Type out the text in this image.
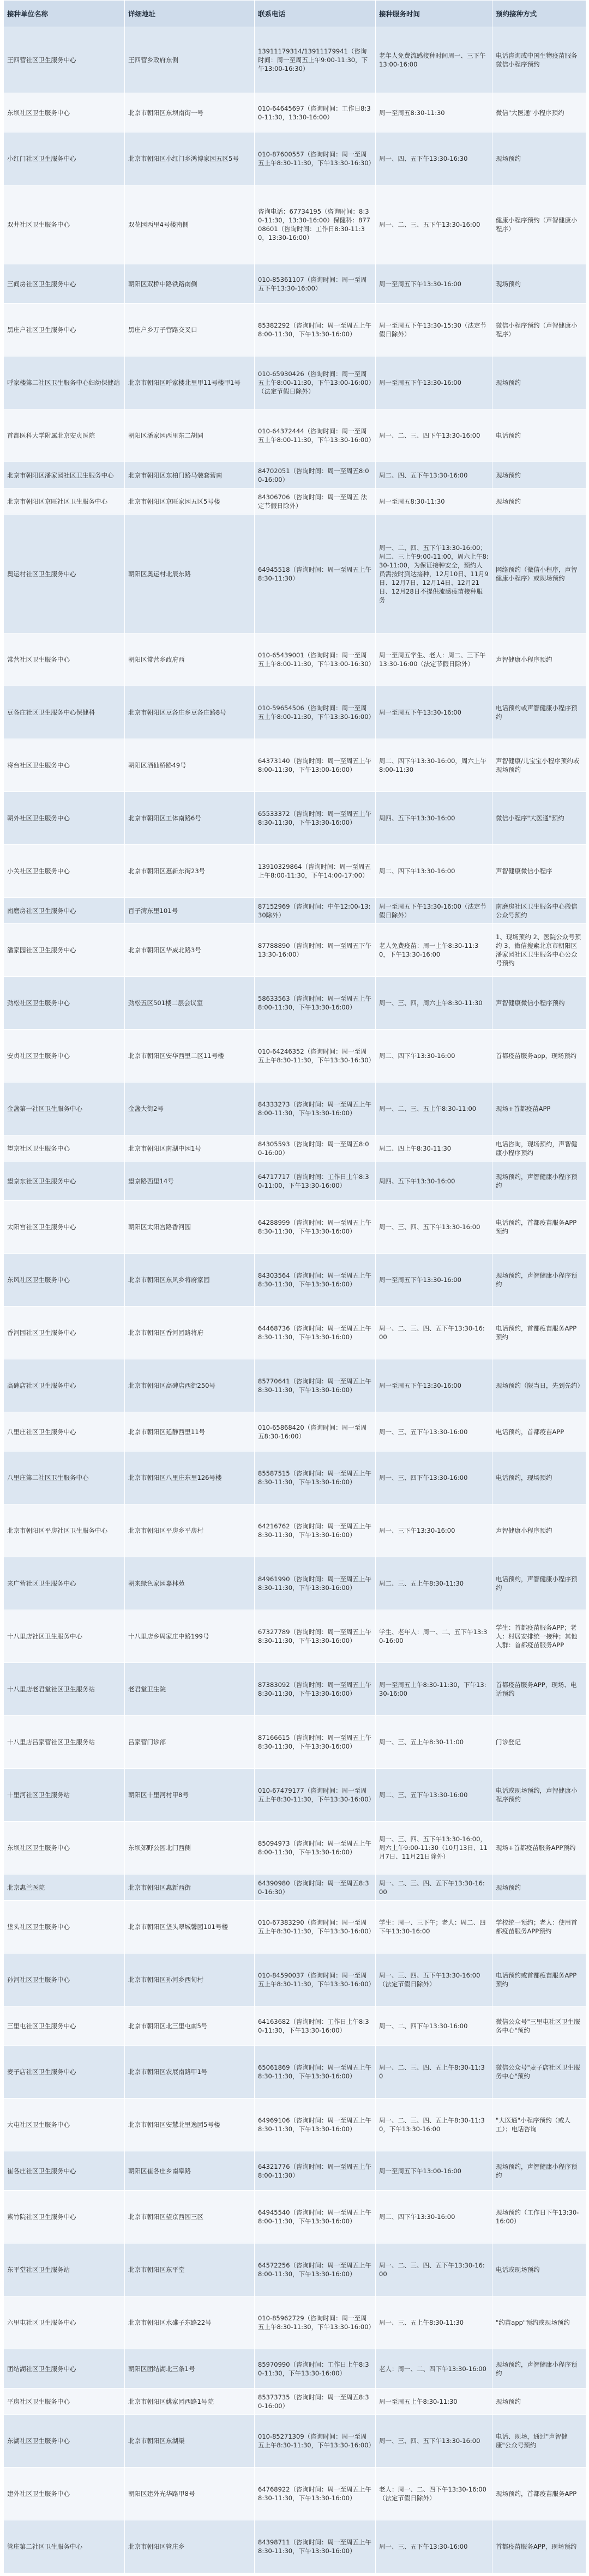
接种单位名称	详细地址	联系电话	接种服务时间	预约接种方式
王四营社区卫生服务中心	王四营乡政府东侧	13911179314/13911179941（咨询时间：周一至周五上午9:00-11:30，下午13:00-16:30）	老年人免费流感接种时间周一、三下午13:00-16:00	电话咨询或中国生物疫苗服务微信小程序预约
东坝社区卫生服务中心	北京市朝阳区东坝南街一号	010-64645697（咨询时间：工作日8:30-11:30，13:30-16:00）	周一至周五8:30-11:30	微信"大医通"小程序预约
小红门社区卫生服务中心	北京市朝阳区小红门乡鸿博家园五区5号	010-87600557（咨询时间：周一至周五上午8:30-11:30，下午13:30-16:30）	周一、四、五下午13:30-16:30	现场预约
双井社区卫生服务中心	双花园西里4号楼南侧	咨询电话：67734195（咨询时间：8:30-11:30，13:30-16:00）保健科：87708601（咨询时间：工作日8:30-11:30，13:30-16:00）	周一、二、三、五下午13:30-16:00	健康小程序预约（声智健康小程序）
三间房社区卫生服务中心	朝阳区双桥中路铁路南侧	010-85361107（咨询时间：周一至周五下午13:30-16:00）	周一至周五下午13:30-16:00	现场预约
黑庄户社区卫生服务中心	黑庄户乡万子营路交叉口	85382292（咨询时间：周一至周五上午8:00-11:30，下午13:30-16:00）	周一至周五下午13:30-15:30（法定节假日除外）	微信小程序预约（声智健康小程序）
呼家楼第二社区卫生服务中心妇幼保健站	北京市朝阳区呼家楼北里甲11号楼甲1号	010-65930426（咨询时间：周一至周五上午8:00-11:30，下午13:00-16:00）（法定节假日除外）	周一至周五下午13:30-16:00	现场预约
首都医科大学附属北京安贞医院	朝阳区潘家园西里东二胡同	010-64372444（咨询时间：周一至周五上午8:00-11:30，下午13:30-16:00）	周一、二、三、四下午13:30-16:00	电话预约
北京市朝阳区潘家园社区卫生服务中心	北京市朝阳区东柏门路马装套营南	84702051（咨询时间：周一至周五8:00-16:00）	周二、四、五下午13:30-16:00	现场预约
北京市朝阳区京旺社区卫生服务中心	北京市朝阳区京旺家园五区5号楼	84306706（咨询时间：周一至周五 法定节假日除外）	周一至周五8:30-11:30	现场预约
奥运村社区卫生服务中心	朝阳区奥运村北辰东路	64945518（咨询时间：周一至周五上午8:30-11:30）	周一、二、四、五下午13:30-16:00；周二、三上午9:00-11:00，周六上午8:30-11:00，为保证接种安全，预约人员需按时到达接种，12月10日、11月9日、12月7日、12月14日、12月21日、12月28日不提供流感疫苗接种服务	网络预约（微信小程序，声智健康小程序）或现场预约
常营社区卫生服务中心	朝阳区常营乡政府西	010-65439001（咨询时间：周一至周五上午8:00-11:30，下午13:00-16:30）	周一至周五学生、老人：周二、三下午13:30-16:00（法定节假日除外）	声智健康小程序预约
豆各庄社区卫生服务中心保健科	北京市朝阳区豆各庄乡豆各庄路8号	010-59654506（咨询时间：周一至周五上午8:00-11:30，下午13:30-16:00）	周一至周五下午13:30-16:00	电话预约或声智健康小程序预约
将台社区卫生服务中心	朝阳区酒仙桥路49号	64373140（咨询时间：周一至周五上午8:00-11:30，下午13:00-16:00）	周二、四下午13:30-16:00，周六上午8:00-11:30	声智健康/儿宝宝小程序预约或现场预约
朝外社区卫生服务中心	北京市朝阳区工体南路6号	65533372（咨询时间：周一至周五上午8:30-11:30，下午13:30-16:00）	周四、五下午13:30-16:00	微信小程序"大医通"预约
小关社区卫生服务中心	北京市朝阳区惠新东街23号	13910329864（咨询时间：周一至周五上午8:00-11:30，下午14:00-17:00）	周二、四下午13:30-16:00	声智健康微信小程序
南磨房社区卫生服务中心	百子湾东里101号	87152969（咨询时间：中午12:00-13:30除外）	周一至周五下午13:30-16:00（法定节假日除外）	南磨房社区卫生服务中心微信公众号预约
潘家园社区卫生服务中心	北京市朝阳区华威北路3号	87788890（咨询时间：周一至周五下午13:30-16:00）	老人免费疫苗：周一上午8:30-11:30，下午13:30-16:00	1、现场预约 2、医院公众号预约 3、微信搜索北京市朝阳区潘家园社区卫生服务中心公众号预约
劲松社区卫生服务中心	劲松五区501楼二层会议室	58633563（咨询时间：周一至周五上午8:00-11:30，下午13:30-16:00）	周一、三、四，周六上午8:30-11:30	声智健康微信小程序预约
安贞社区卫生服务中心	北京市朝阳区安华西里二区11号楼	010-64246352（咨询时间：周一至周五上午8:30-11:30，下午13:30-16:30）	周二、四下午13:30-16:00	首都疫苗服务app，现场预约
金盏第一社区卫生服务中心	金盏大街2号	84333273（咨询时间：周一至周五上午8:00-11:30，下午13:30-16:00）	周一、二、三、五上午8:30-11:00	现场+首都疫苗APP
望京社区卫生服务中心	北京市朝阳区南湖中园1号	84305593（咨询时间：周一至周五8:00-16:00）	周二、四上午8:30-11:30	电话咨询，现场预约，声智健康小程序预约
望京东社区卫生服务中心	望京路西里14号	64717717（咨询时间：工作日上午8:30-11:00，下午13:30-16:00）	周四、五下午13:30-16:00	现场预约，声智健康小程序预约
太阳宫社区卫生服务中心	朝阳区太阳宫路香河园	64288999（咨询时间：周一至周五上午8:30-11:30，下午13:30-16:00）	周一、三、四、五下午13:30-16:00	电话预约，首都疫苗服务APP预约
东风社区卫生服务中心	北京市朝阳区东风乡将府家园	84303564（咨询时间：周一至周五上午8:30-11:30，下午13:30-16:00）	周一至周五下午13:30-16:00	现场预约，声智健康小程序预约
香河园社区卫生服务中心	北京市朝阳区香河园路将府	64468736（咨询时间：周一至周五上午8:30-11:30，下午13:30-16:00）	周一、二、三、四、五下午13:30-16:00	电话预约，首都疫苗服务APP预约
高碑店社区卫生服务中心	北京市朝阳区高碑店西街250号	85770641（咨询时间：周一至周五上午8:30-11:30，下午13:30-16:00）	周一至周五下午13:30-16:00	现场预约（限当日，先到先约）
八里庄社区卫生服务中心	北京市朝阳区延静西里11号	010-65868420（咨询时间：周一至周五8:30-16:00）	周一、三、五下午13:30-16:00	电话预约，首都疫苗APP
八里庄第二社区卫生服务中心	北京市朝阳区八里庄东里126号楼	85587515（咨询时间：周一至周五上午8:30-11:30，下午13:30-16:00）	周一、三、四下午13:30-16:00	电话预约，现场预约
北京市朝阳区平房社区卫生服务中心	北京市朝阳区平房乡平房村	64216762（咨询时间：周一至周五上午8:30-11:30，下午13:30-16:00）	周一、三下午13:30-16:00	声智健康小程序预约
来广营社区卫生服务中心	朝来绿色家园嘉林苑	84961990（咨询时间：周一至周五上午8:30-11:30，下午13:30-16:00）	周二、三、五上午8:30-11:30	电话预约，声智健康小程序预约
十八里店社区卫生服务中心	十八里店乡周家庄中路199号	67327789（咨询时间：周一至周五上午8:30-11:30，下午13:30-16:00）	学生、老年人：周一、二、五下午13:30-16:00	学生：首都疫苗服务APP；老人：村居安排统一接种；其他人群：首都疫苗服务APP
十八里店老君堂社区卫生服务站	老君堂卫生院	87383092（咨询时间：周一至周五上午8:30-11:30，下午13:30-16:00）	周一至周五上午8:30-11:30，下午13:30-16:00	首都疫苗服务APP，现场、电话预约
十八里店吕家营社区卫生服务站	吕家营门诊部	87166615（咨询时间：周一至周五上午8:30-11:30，下午13:30-16:00）	周一、三、五上午8:30-11:00	门诊登记
十里河社区卫生服务站	朝阳区十里河村甲8号	010-67479177（咨询时间：周一至周五上午8:30-11:30，下午13:30-16:00）	周二、三、五下午13:30-16:00	电话或现场预约，声智健康小程序预约
东坝社区卫生服务中心	东坝郊野公园北门西侧	85094973（咨询时间：周一至周五上午8:00-11:30，下午13:30-16:00）	周一、三、四、五下午13:30-16:00，周六上午9:00-11:30（10月13日、11月7日、11月21日除外）	现场+首都疫苗服务APP预约
北京惠兰医院	北京市朝阳区惠新西街	64390980（咨询时间：周一至周五8:30-16:30）	周一、二、三、四、五下午13:30-16:00	现场预约
垡头社区卫生服务中心	北京市朝阳区垡头翠城馨园101号楼	010-67383290（咨询时间：周一至周五上午8:30-11:30，下午13:30-16:00）	学生：周一、三下午；老人：周二、四下午13:30-16:00	学校统一预约；老人：使用首都疫苗服务APP预约
孙河社区卫生服务中心	北京市朝阳区孙河乡西甸村	010-84590037（咨询时间：周一至周五上午8:30-11:30，下午13:30-16:00）	周一、三、四、五下午13:30-16:00（法定节假日除外）	电话预约或首都疫苗服务APP预约
三里屯社区卫生服务中心	北京市朝阳区北三里屯南5号	64163682（咨询时间：工作日上午8:30-11:30，下午13:30-16:00）	周一、二、四下午13:30-16:00	微信公众号"三里屯社区卫生服务中心"预约
麦子店社区卫生服务中心	北京市朝阳区农展南路甲1号	65061869（咨询时间：周一至周五上午8:30-11:30，下午13:30-16:00）	周一、二、三、四、五上午8:30-11:30	微信公众号"麦子店社区卫生服务中心"预约
大屯社区卫生服务中心	北京市朝阳区安慧北里逸园5号楼	64969106（咨询时间：周一至周五上午8:30-11:30，下午13:30-16:00）	周一、二、三、四、五上午8:30-11:30，下午13:30-16:00	"大医通"小程序预约（或人工）；电话咨询
崔各庄社区卫生服务中心	朝阳区崔各庄乡南皋路	64321776（咨询时间：周一至周五上午8:00-11:30）	周一至周五下午13:00-16:00	现场预约，声智健康小程序预约
紫竹院社区卫生服务中心	北京市朝阳区望京西园三区	64945540（咨询时间：周一至周五上午8:00-11:30，下午13:30-16:00）	周二、四下午13:30-16:00	现场预约（工作日下午13:30-16:00）
东平堂社区卫生服务站	北京市朝阳区东平堂	64572256（咨询时间：周一至周五上午8:00-11:30，下午13:30-16:00）	周一、二、三、四、五下午13:30-16:00	电话或现场预约
六里屯社区卫生服务中心	北京市朝阳区水碓子东路22号	010-85962729（咨询时间：周一至周五上午8:30-11:30，下午13:30-16:00）	周一、三、五上午8:30-11:30	"约苗app"预约或现场预约
团结湖社区卫生服务中心	朝阳区团结湖北三条1号	85970990（咨询时间：工作日上午8:30-11:30，下午13:30-16:00）	老人：周一、二、四下午13:30-16:00	现场预约，声智健康小程序预约
平房社区卫生服务中心	北京市朝阳区姚家园西路1号院	85373735（咨询时间：周一至周五8:30-16:00）	周一至周五上午8:30-11:30	现场预约
东湖社区卫生服务中心	北京市朝阳区东湖渠	010-85271309（咨询时间：周一至周五上午8:30-11:30，下午13:30-16:00）	周一、三、四、五下午13:30-16:00	电话、现场，通过"声智健康"公众号预约
建外社区卫生服务中心	朝阳区建外光华路甲8号	64768922（咨询时间：周一至周五上午8:30-11:30，下午13:30-16:00）	老人：周一、二、四下午13:30-16:00（法定节假日除外）	现场预约，首都疫苗服务APP
管庄第二社区卫生服务中心	北京市朝阳区管庄乡	84398711（咨询时间：周一至周五上午8:30-11:30，下午13:30-16:00）	周一、三、五下午13:30-16:00	首都疫苗服务APP，现场预约
